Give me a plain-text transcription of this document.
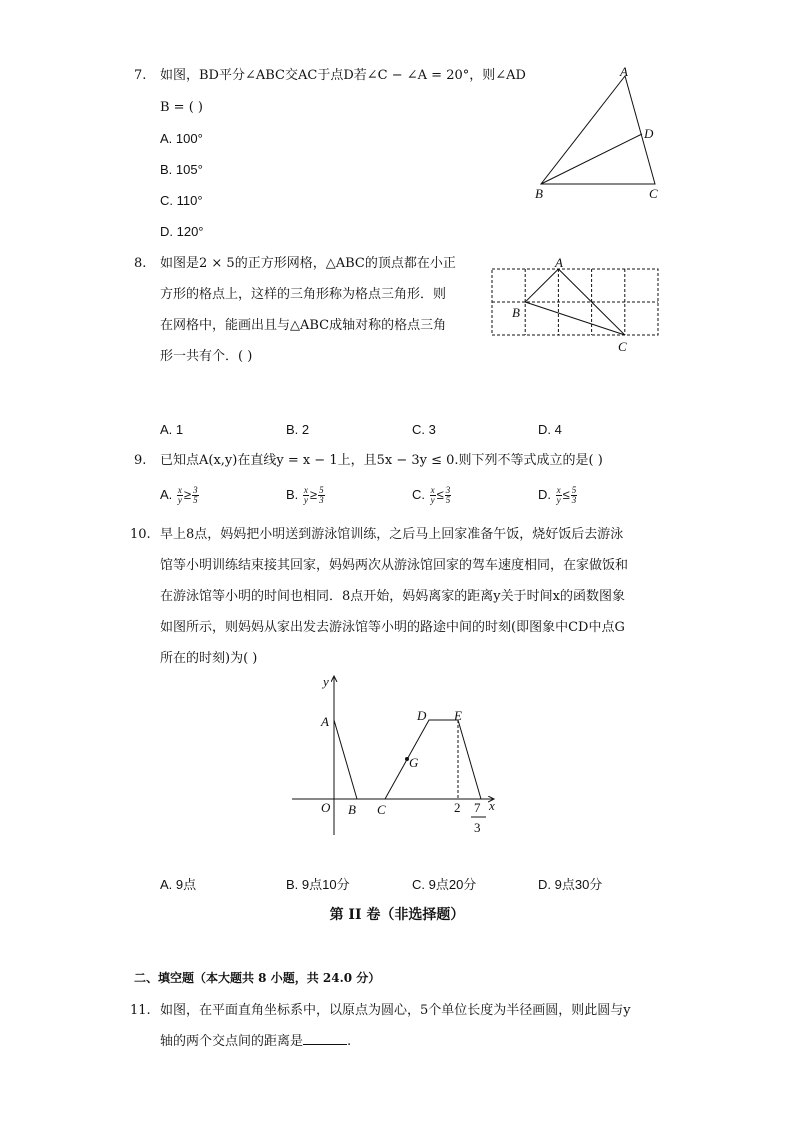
7. 如图，BD平分∠ABC交AC于点D若∠C − ∠A = 20°，则∠AD
B = ( )
A. 100°
B. 105°
C. 110°
D. 120°
A
D
B	C
8. 如图是2 × 5的正方形网格，△ABC的顶点都在小正
方形的格点上，这样的三角形称为格点三角形．则
在网格中，能画出且与△ABC成轴对称的格点三角
形一共有个．( )
A
B
C
A. 1	B. 2	C. 3	D. 4
9. 已知点A(x,y)在直线y = x − 1上，且5x − 3y ≤ 0.则下列不等式成立的是( )
A. $\frac{x}{y} \ge \frac{3}{5}$	B. $\frac{x}{y} \ge \frac{5}{3}$	C. $\frac{x}{y} \le \frac{3}{5}$	D. $\frac{x}{y} \le \frac{5}{3}$
10. 早上8点，妈妈把小明送到游泳馆训练，之后马上回家准备午饭，烧好饭后去游泳
馆等小明训练结束接其回家，妈妈两次从游泳馆回家的驾车速度相同，在家做饭和
在游泳馆等小明的时间也相同．8点开始，妈妈离家的距离y关于时间x的函数图象
如图所示，则妈妈从家出发去游泳馆等小明的路途中间的时刻(即图象中CD中点G
所在的时刻)为( )
y
x
O
A
B C
D E
G
2 7
3
A. 9点	B. 9点10分	C. 9点20分	D. 9点30分
第 II 卷（非选择题）
二、填空题（本大题共 8 小题，共 24.0 分）
11. 如图，在平面直角坐标系中，以原点为圆心，5个单位长度为半径画圆，则此圆与y
轴的两个交点间的距离是	.
